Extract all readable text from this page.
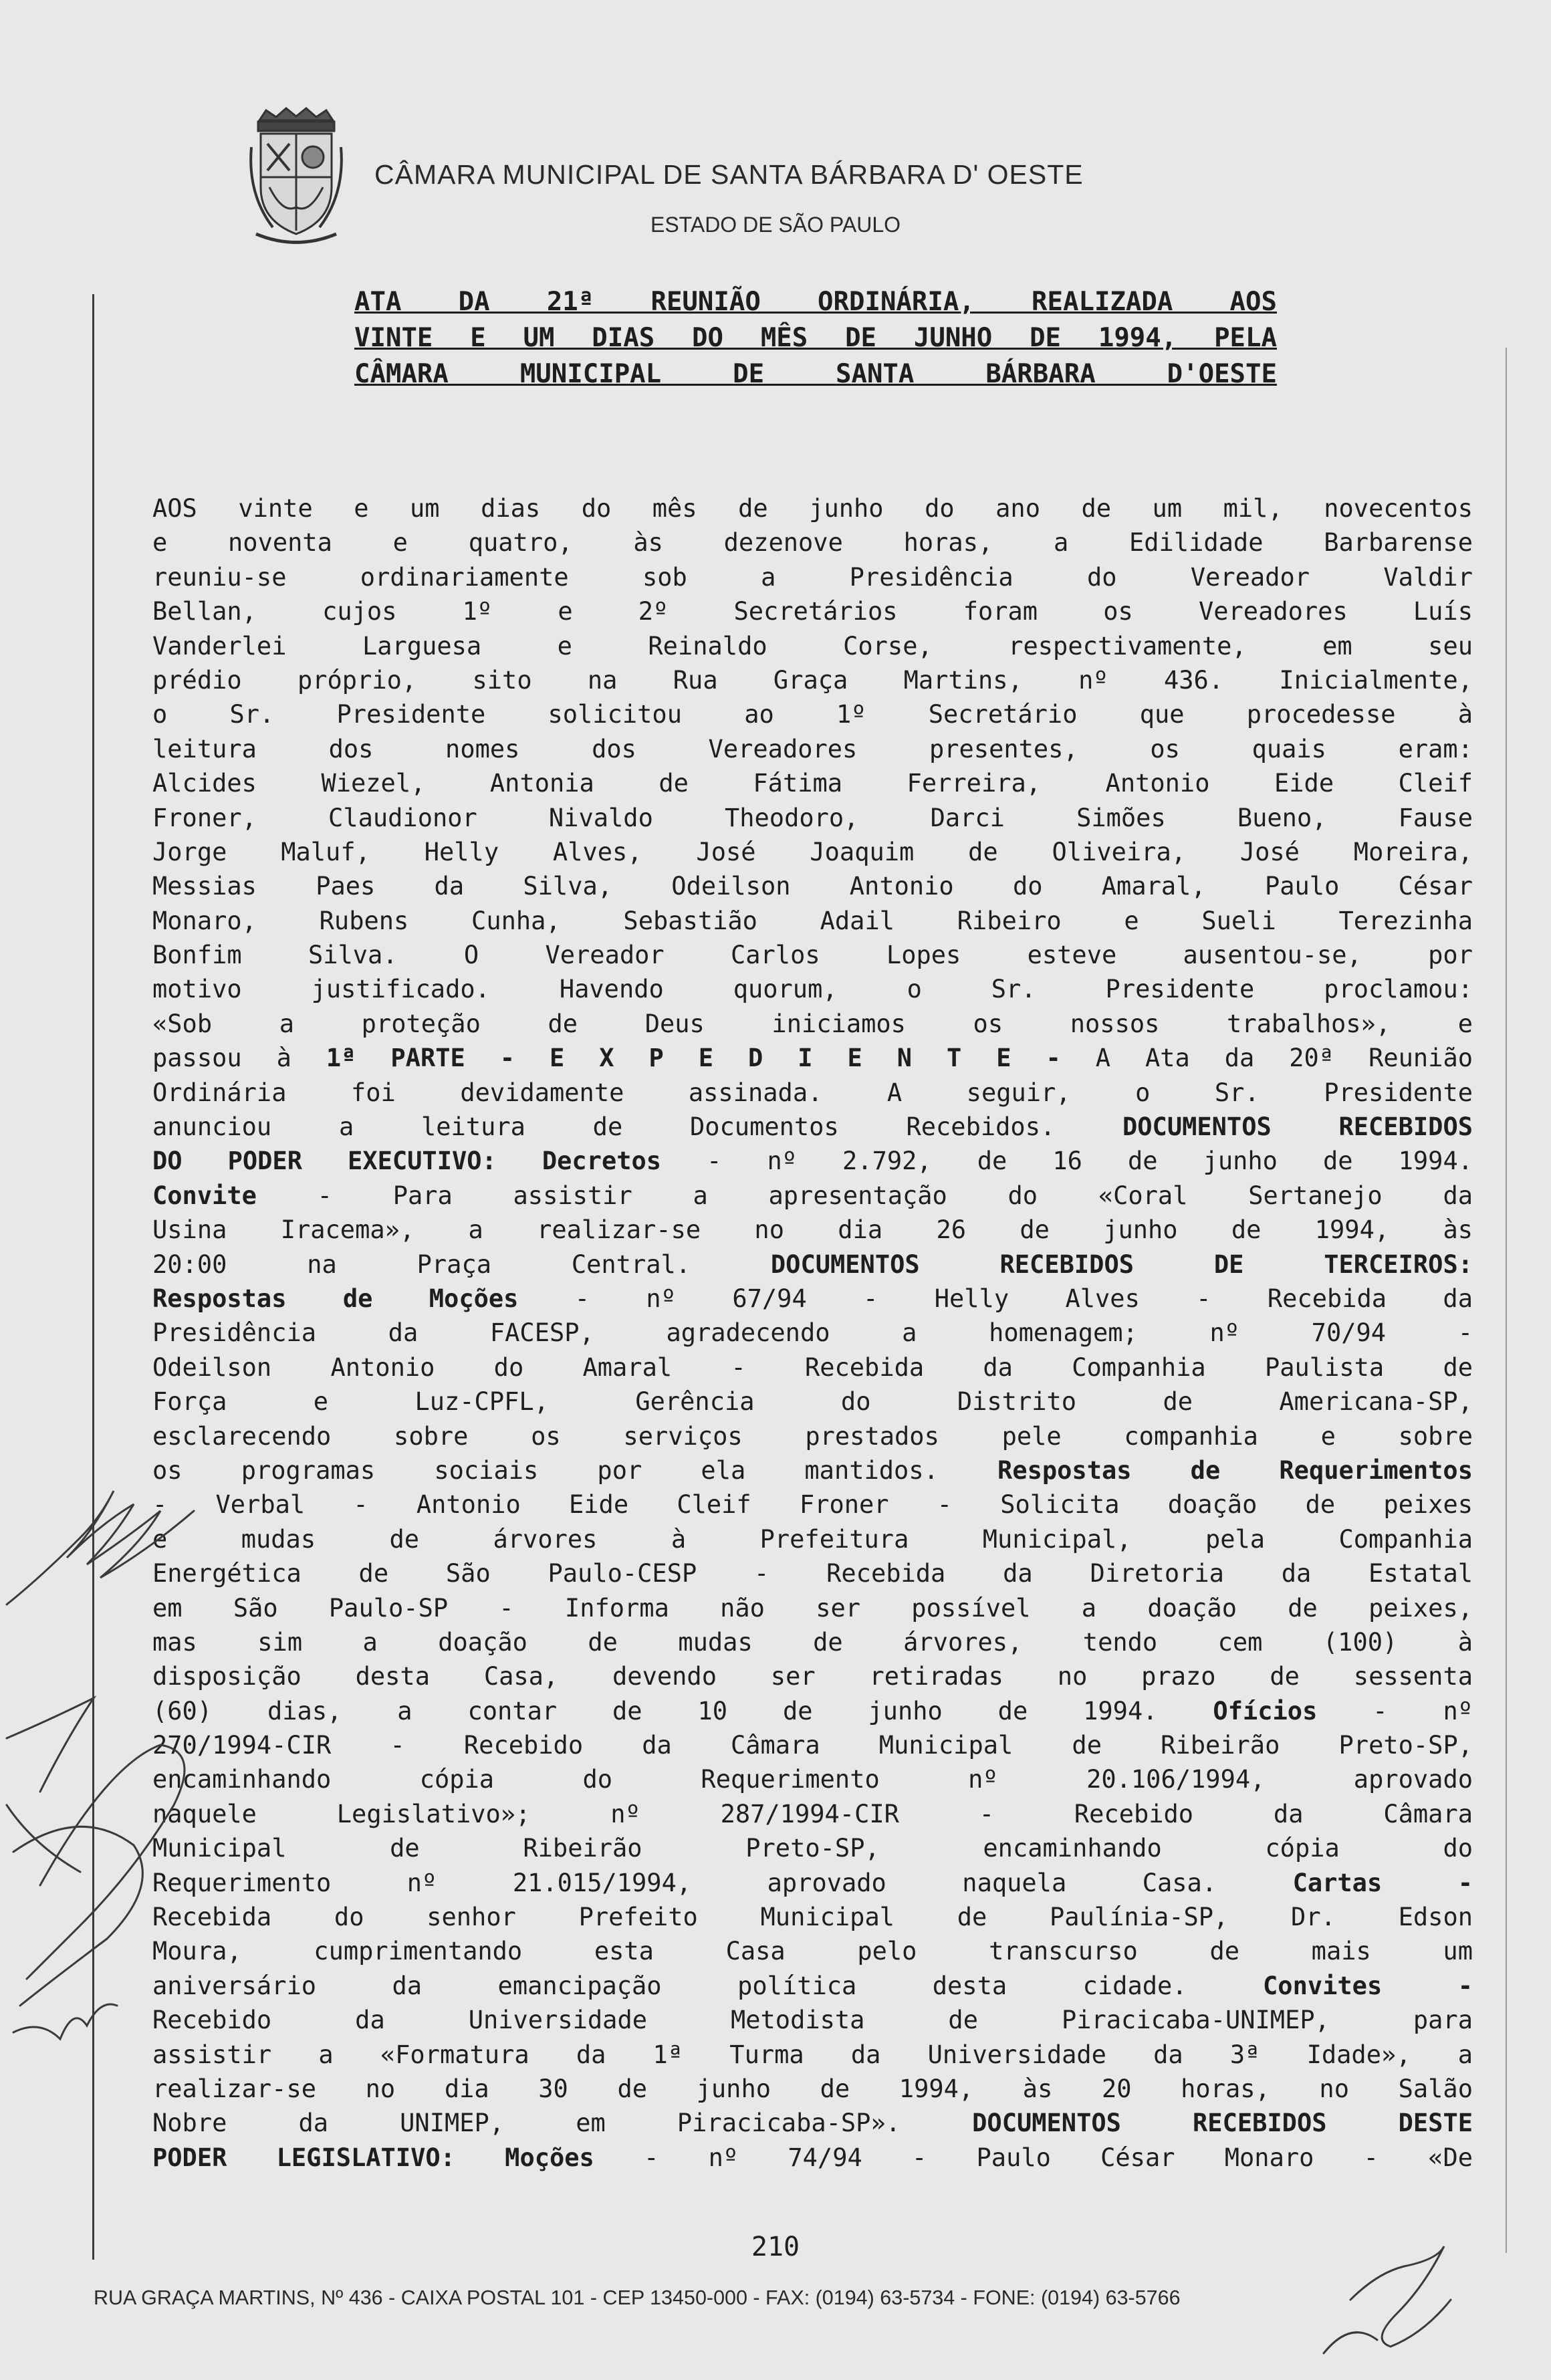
CÂMARA MUNICIPAL DE SANTA BÁRBARA D' OESTE
ESTADO DE SÃO PAULO
ATA DA 21ª REUNIÃO ORDINÁRIA, REALIZADA AOS
VINTE E UM DIAS DO MÊS DE JUNHO DE 1994, PELA
CÂMARA MUNICIPAL DE SANTA BÁRBARA D'OESTE
AOS vinte e um dias do mês de junho do ano de um mil, novecentos
e noventa e quatro, às dezenove horas, a Edilidade Barbarense
reuniu-se ordinariamente sob a Presidência do Vereador Valdir
Bellan, cujos 1º e 2º Secretários foram os Vereadores Luís
Vanderlei Larguesa e Reinaldo Corse, respectivamente, em seu
prédio próprio, sito na Rua Graça Martins, nº 436. Inicialmente,
o Sr. Presidente solicitou ao 1º Secretário que procedesse à
leitura dos nomes dos Vereadores presentes, os quais eram:
Alcides Wiezel, Antonia de Fátima Ferreira, Antonio Eide Cleif
Froner, Claudionor Nivaldo Theodoro, Darci Simões Bueno, Fause
Jorge Maluf, Helly Alves, José Joaquim de Oliveira, José Moreira,
Messias Paes da Silva, Odeilson Antonio do Amaral, Paulo César
Monaro, Rubens Cunha, Sebastião Adail Ribeiro e Sueli Terezinha
Bonfim Silva. O Vereador Carlos Lopes esteve ausentou-se, por
motivo justificado. Havendo quorum, o Sr. Presidente proclamou:
«Sob a proteção de Deus iniciamos os nossos trabalhos», e
passou à 1ª PARTE - E X P E D I E N T E - A Ata da 20ª Reunião
Ordinária foi devidamente assinada. A seguir, o Sr. Presidente
anunciou a leitura de Documentos Recebidos. DOCUMENTOS RECEBIDOS
DO PODER EXECUTIVO: Decretos - nº 2.792, de 16 de junho de 1994.
Convite - Para assistir a apresentação do «Coral Sertanejo da
Usina Iracema», a realizar-se no dia 26 de junho de 1994, às
20:00 na Praça Central. DOCUMENTOS RECEBIDOS DE TERCEIROS:
Respostas de Moções - nº 67/94 - Helly Alves - Recebida da
Presidência da FACESP, agradecendo a homenagem; nº 70/94 -
Odeilson Antonio do Amaral - Recebida da Companhia Paulista de
Força e Luz-CPFL, Gerência do Distrito de Americana-SP,
esclarecendo sobre os serviços prestados pele companhia e sobre
os programas sociais por ela mantidos. Respostas de Requerimentos
- Verbal - Antonio Eide Cleif Froner - Solicita doação de peixes
e mudas de árvores à Prefeitura Municipal, pela Companhia
Energética de São Paulo-CESP - Recebida da Diretoria da Estatal
em São Paulo-SP - Informa não ser possível a doação de peixes,
mas sim a doação de mudas de árvores, tendo cem (100) à
disposição desta Casa, devendo ser retiradas no prazo de sessenta
(60) dias, a contar de 10 de junho de 1994. Ofícios - nº
270/1994-CIR - Recebido da Câmara Municipal de Ribeirão Preto-SP,
encaminhando cópia do Requerimento nº 20.106/1994, aprovado
naquele Legislativo»; nº 287/1994-CIR - Recebido da Câmara
Municipal de Ribeirão Preto-SP, encaminhando cópia do
Requerimento nº 21.015/1994, aprovado naquela Casa. Cartas -
Recebida do senhor Prefeito Municipal de Paulínia-SP, Dr. Edson
Moura, cumprimentando esta Casa pelo transcurso de mais um
aniversário da emancipação política desta cidade. Convites -
Recebido da Universidade Metodista de Piracicaba-UNIMEP, para
assistir a «Formatura da 1ª Turma da Universidade da 3ª Idade», a
realizar-se no dia 30 de junho de 1994, às 20 horas, no Salão
Nobre da UNIMEP, em Piracicaba-SP». DOCUMENTOS RECEBIDOS DESTE
PODER LEGISLATIVO: Moções - nº 74/94 - Paulo César Monaro - «De
210
RUA GRAÇA MARTINS, Nº 436 - CAIXA POSTAL 101 - CEP 13450-000 - FAX: (0194) 63-5734 - FONE: (0194) 63-5766
